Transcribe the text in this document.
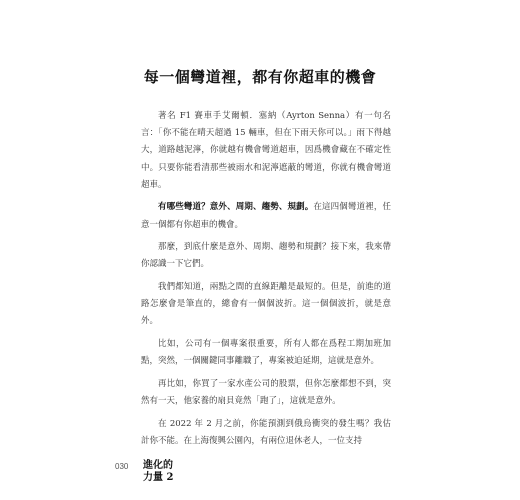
每一個彎道裡，都有你超車的機會

著名 F1 賽車手艾爾頓．塞納（Ayrton Senna）有一句名言：「你不能在晴天超過 15 輛車，但在下雨天你可以。」雨下得越大，道路越泥濘，你就越有機會彎道超車，因爲機會藏在不確定性中。只要你能看清那些被雨水和泥濘遮蔽的彎道，你就有機會彎道超車。

有哪些彎道？意外、周期、趨勢、規劃。在這四個彎道裡，任意一個都有你超車的機會。

那麼，到底什麼是意外、周期、趨勢和規劃？接下來，我來帶你認識一下它們。

我們都知道，兩點之間的直線距離是最短的。但是，前進的道路怎麼會是筆直的，總會有一個個波折。這一個個波折，就是意外。

比如，公司有一個專案很重要，所有人都在爲程工期加班加點，突然，一個關鍵同事離職了，專案被迫延期，這就是意外。

再比如，你買了一家水產公司的股票，但你怎麼都想不到，突然有一天，他家養的扇貝竟然「跑了」，這就是意外。

在 2022 年 2 月之前，你能預測到俄烏衝突的發生嗎？我估計你不能。在上海復興公園內，有兩位退休老人，一位支持

030 進化的
力量 2
